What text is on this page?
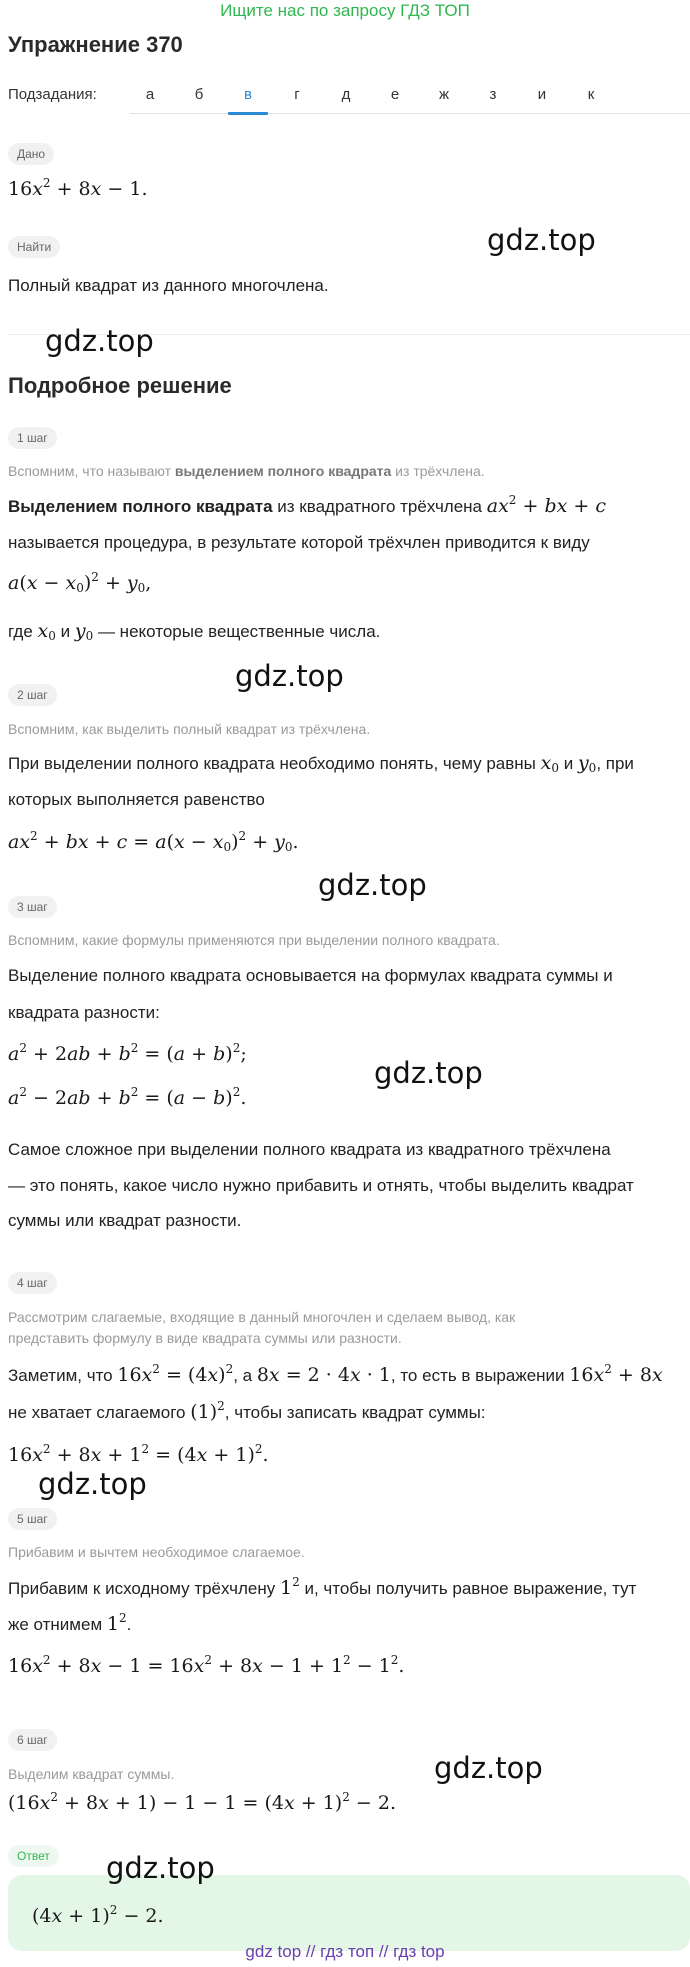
Ищите нас по запросу ГДЗ ТОП
Упражнение 370
Подзадания:	а	б	в	г	д	е	ж	з	и	к
Дано
$16x^2 + 8x - 1$.
Найти
Полный квадрат из данного многочлена.
Подробное решение
1 шаг
Вспомним, что называют выделением полного квадрата из трёхчлена.
Выделением полного квадрата из квадратного трёхчлена $ax^2$ + bx + c
называется процедура, в результате которой трёхчлен приводится к виду
$a(x - x_0)^2 + y_0$,
где $x_0$ и $y_0$ — некоторые вещественные числа.
2 шаг
Вспомним, как выделить полный квадрат из трёхчлена.
При выделении полного квадрата необходимо понять, чему равны $x_0$ и $y_0$, при
которых выполняется равенство
$ax^2$ + bx + $c = a(x - x_0)^2 + y_0$.
3 шаг
Вспомним, какие формулы применяются при выделении полного квадрата.
Выделение полного квадрата основывается на формулах квадрата суммы и
квадрата разности:
$a^2 + 2ab + b^2 = (a + b)^2$;
$a^2 - 2ab + b^2 = (a - b)^2$.
Самое сложное при выделении полного квадрата из квадратного трёхчлена
— это понять, какое число нужно прибавить и отнять, чтобы выделить квадрат
суммы или квадрат разности.
4 шаг
Рассмотрим слагаемые, входящие в данный многочлен и сделаем вывод, как
представить формулу в виде квадрата суммы или разности.
Заметим, что $16x^2 = (4x)^2$, а 8x = 2 · 4x · 1, то есть в выражении $16x^2 + 8x$
не хватает слагаемого $(1)^2$, чтобы записать квадрат суммы:
$16x^2 + 8x + 1^2 = (4x + 1)^2$.
5 шаг
Прибавим и вычтем необходимое слагаемое.
Прибавим к исходному трёхчлену $1^2$ и, чтобы получить равное выражение, тут
же отнимем $1^2$.
$16x^2 + 8x - 1 = 16x^2 + 8x - 1 + 1^2 - 1^2$.
6 шаг
Выделим квадрат суммы.
$(16x^2 + 8x + 1) - 1 - 1 = (4x + 1)^2 - 2$.
Ответ
$(4x + 1)^2 - 2$.
gdz.top
gdz.top
gdz.top
gdz.top
gdz.top
gdz.top
gdz.top
gdz.top
gdz top // гдз топ // гдз top
